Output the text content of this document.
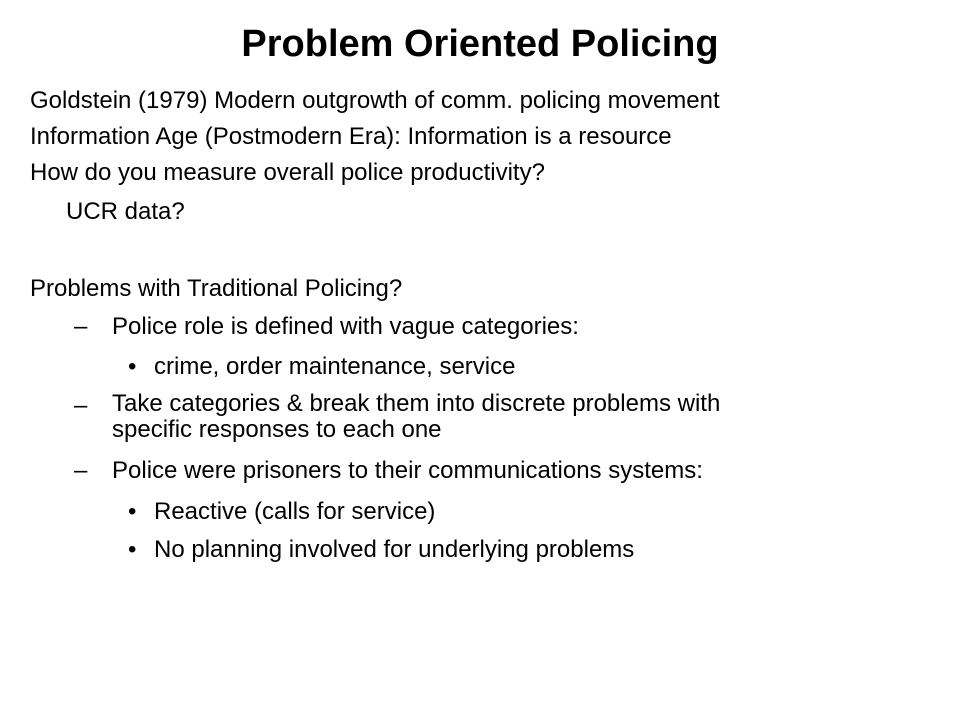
Problem Oriented Policing
Goldstein (1979) Modern outgrowth of comm. policing movement
Information Age (Postmodern Era): Information is a resource
How do you measure overall police productivity?
UCR data?
Problems with Traditional Policing?
– Police role is defined with vague categories:
• crime, order maintenance, service
– Take categories & break them into discrete problems with
specific responses to each one
– Police were prisoners to their communications systems:
• Reactive (calls for service)
• No planning involved for underlying problems
